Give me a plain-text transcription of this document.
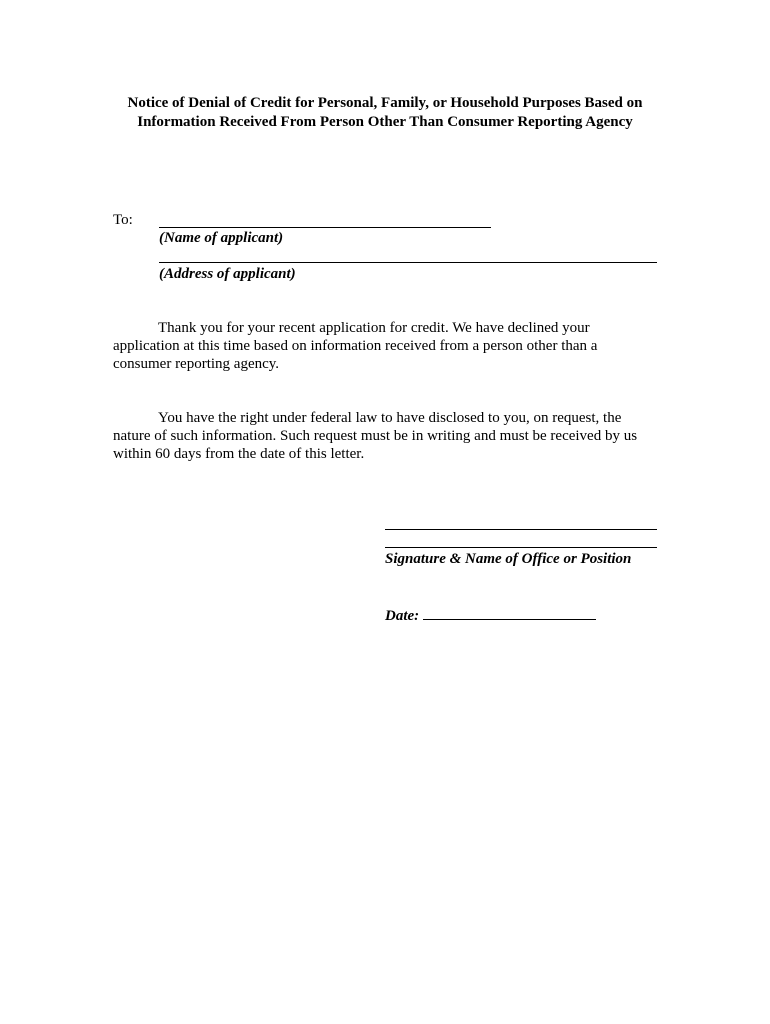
Notice of Denial of Credit for Personal, Family, or Household Purposes Based on
Information Received From Person Other Than Consumer Reporting Agency
To:
(Name of applicant)
(Address of applicant)
Thank you for your recent application for credit. We have declined your application at this time based on information received from a person other than a consumer reporting agency.
You have the right under federal law to have disclosed to you, on request, the nature of such information. Such request must be in writing and must be received by us within 60 days from the date of this letter.
Signature & Name of Office or Position
Date:
